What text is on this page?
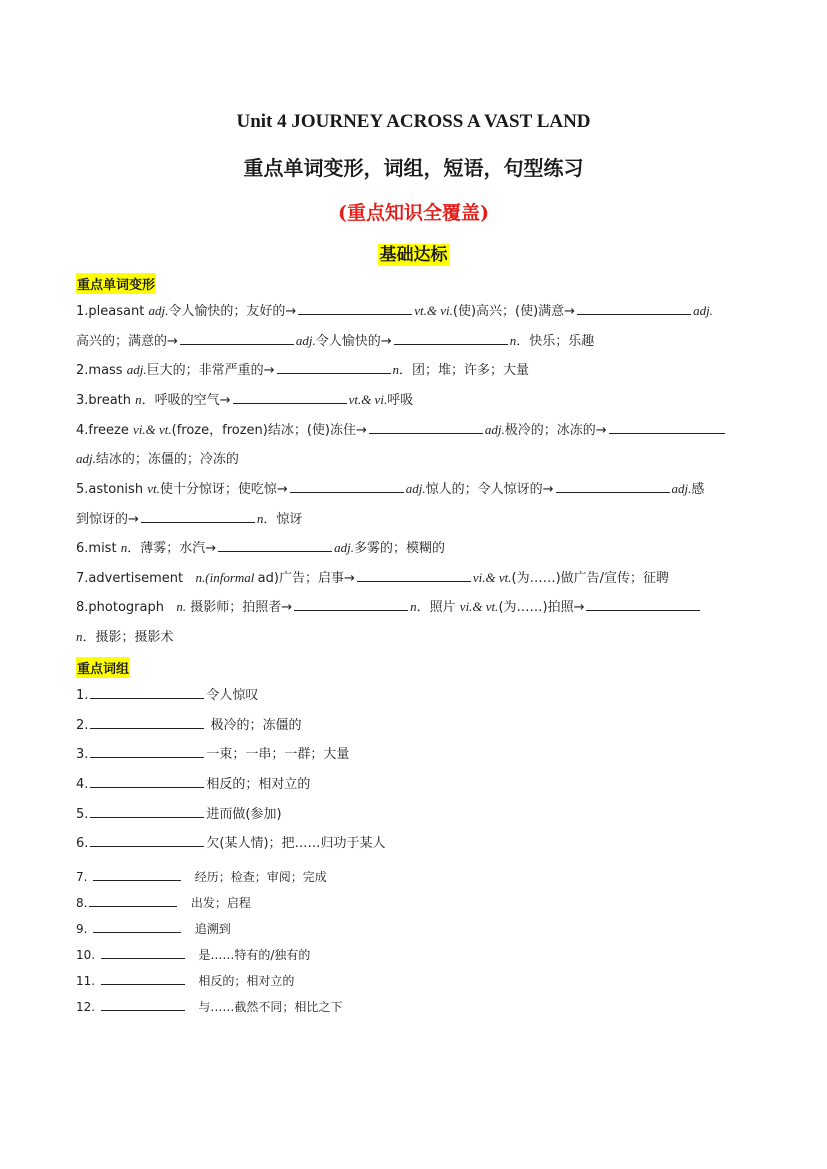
Unit 4 JOURNEY ACROSS A VAST LAND
重点单词变形，词组，短语，句型练习
(重点知识全覆盖)
基础达标
重点单词变形
1.pleasant adj.令人愉快的；友好的→	vt.& vi.(使)高兴；(使)满意→	adj.
高兴的；满意的→	adj.令人愉快的→	n．快乐；乐趣
2.mass adj.巨大的；非常严重的→	n．团；堆；许多；大量
3.breath n．呼吸的空气→	vt.& vi.呼吸
4.freeze vi.& vt.(froze，frozen)结冰；(使)冻住→	adj.极冷的；冰冻的→
adj.结冰的；冻僵的；冷冻的
5.astonish vt.使十分惊讶；使吃惊→	adj.惊人的；令人惊讶的→	adj.感
到惊讶的→	n．惊讶
6.mist n．薄雾；水汽→	adj.多雾的；模糊的
7.advertisement   n.(informal ad)广告；启事→	vi.& vt.(为……)做广告/宣传；征聘
8.photograph   n. 摄影师；拍照者→	n．照片 vi.& vt.(为……)拍照→
n．摄影；摄影术
重点词组
1.	令人惊叹
2.	极冷的；冻僵的
3.	一束；一串；一群；大量
4.	相反的；相对立的
5.	进而做(参加)
6.	欠(某人情)；把……归功于某人
7.	经历；检查；审阅；完成
8.	出发；启程
9.	追溯到
10.	是……特有的/独有的
11.	相反的；相对立的
12.	与……截然不同；相比之下
